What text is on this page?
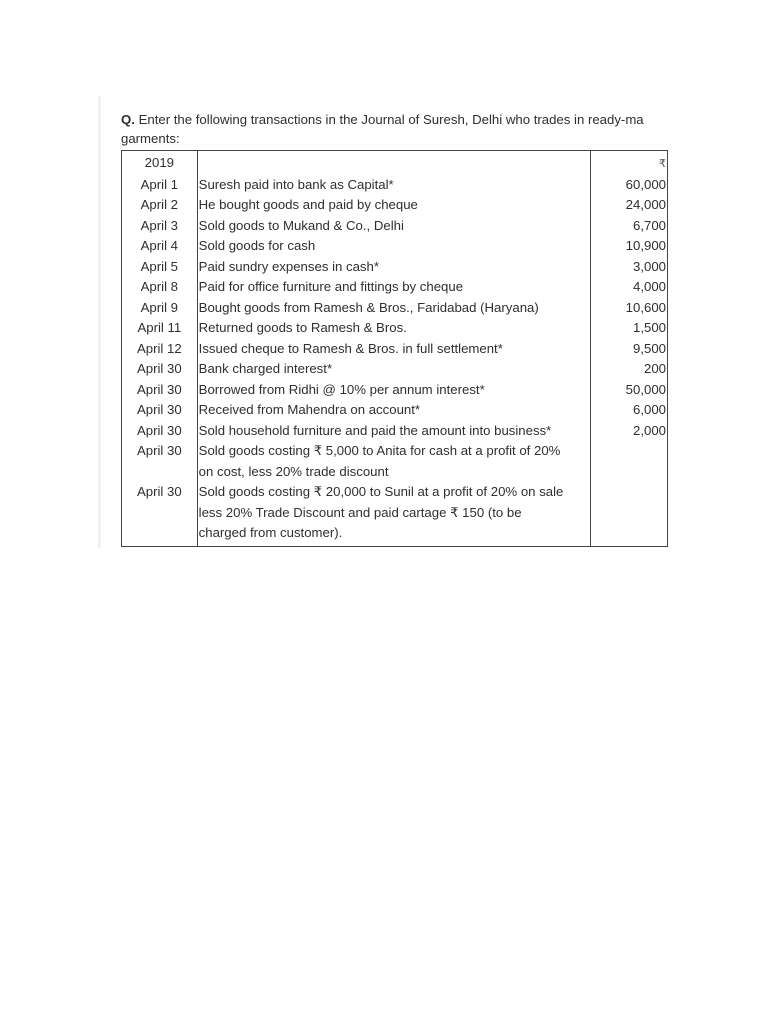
Q. Enter the following transactions in the Journal of Suresh, Delhi who trades in ready-ma
garments:
2019		₹
April 1	Suresh paid into bank as Capital*	60,000
April 2	He bought goods and paid by cheque	24,000
April 3	Sold goods to Mukand & Co., Delhi	6,700
April 4	Sold goods for cash	10,900
April 5	Paid sundry expenses in cash*	3,000
April 8	Paid for office furniture and fittings by cheque	4,000
April 9	Bought goods from Ramesh & Bros., Faridabad (Haryana)	10,600
April 11	Returned goods to Ramesh & Bros.	1,500
April 12	Issued cheque to Ramesh & Bros. in full settlement*	9,500
April 30	Bank charged interest*	200
April 30	Borrowed from Ridhi @ 10% per annum interest*	50,000
April 30	Received from Mahendra on account*	6,000
April 30	Sold household furniture and paid the amount into business*	2,000
April 30	Sold goods costing ₹ 5,000 to Anita for cash at a profit of 20%
on cost, less 20% trade discount	

April 30	Sold goods costing ₹ 20,000 to Sunil at a profit of 20% on sale
less 20% Trade Discount and paid cartage ₹ 150 (to be
charged from customer).	
